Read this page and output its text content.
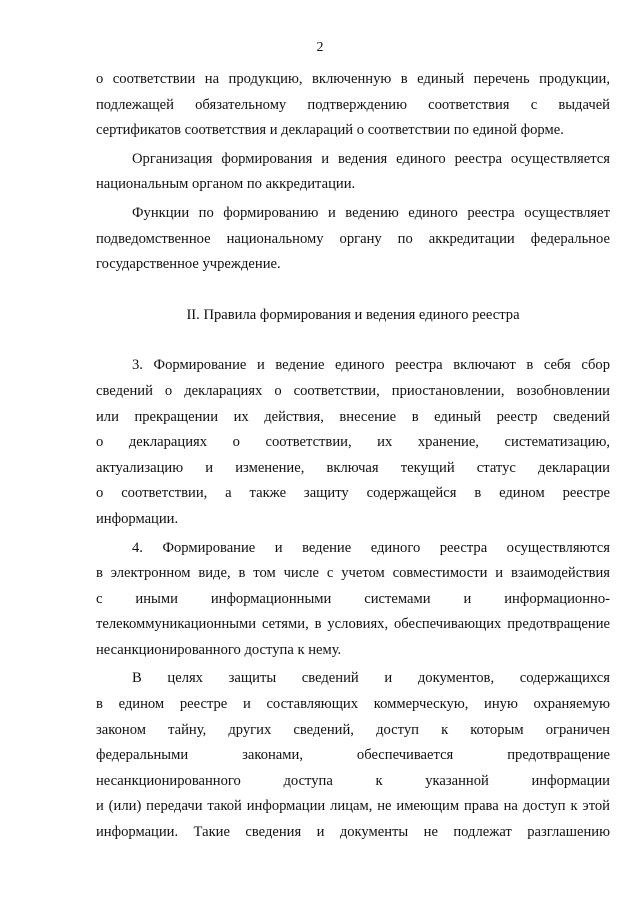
2
о соответствии на продукцию, включенную в единый перечень продукции,
подлежащей обязательному подтверждению соответствия с выдачей
сертификатов соответствия и деклараций о соответствии по единой форме.
Организация формирования и ведения единого реестра осуществляется
национальным органом по аккредитации.
Функции по формированию и ведению единого реестра осуществляет
подведомственное национальному органу по аккредитации федеральное
государственное учреждение.
II. Правила формирования и ведения единого реестра
3. Формирование и ведение единого реестра включают в себя сбор
сведений о декларациях о соответствии, приостановлении, возобновлении
или прекращении их действия, внесение в единый реестр сведений
о декларациях о соответствии, их хранение, систематизацию,
актуализацию и изменение, включая текущий статус декларации
о соответствии, а также защиту содержащейся в едином реестре
информации.
4. Формирование и ведение единого реестра осуществляются
в электронном виде, в том числе с учетом совместимости и взаимодействия
с иными информационными системами и информационно-
телекоммуникационными сетями, в условиях, обеспечивающих предотвращение
несанкционированного доступа к нему.
В целях защиты сведений и документов, содержащихся
в едином реестре и составляющих коммерческую, иную охраняемую
законом тайну, других сведений, доступ к которым ограничен
федеральными законами, обеспечивается предотвращение
несанкционированного доступа к указанной информации
и (или) передачи такой информации лицам, не имеющим права на доступ к этой
информации. Такие сведения и документы не подлежат разглашению
